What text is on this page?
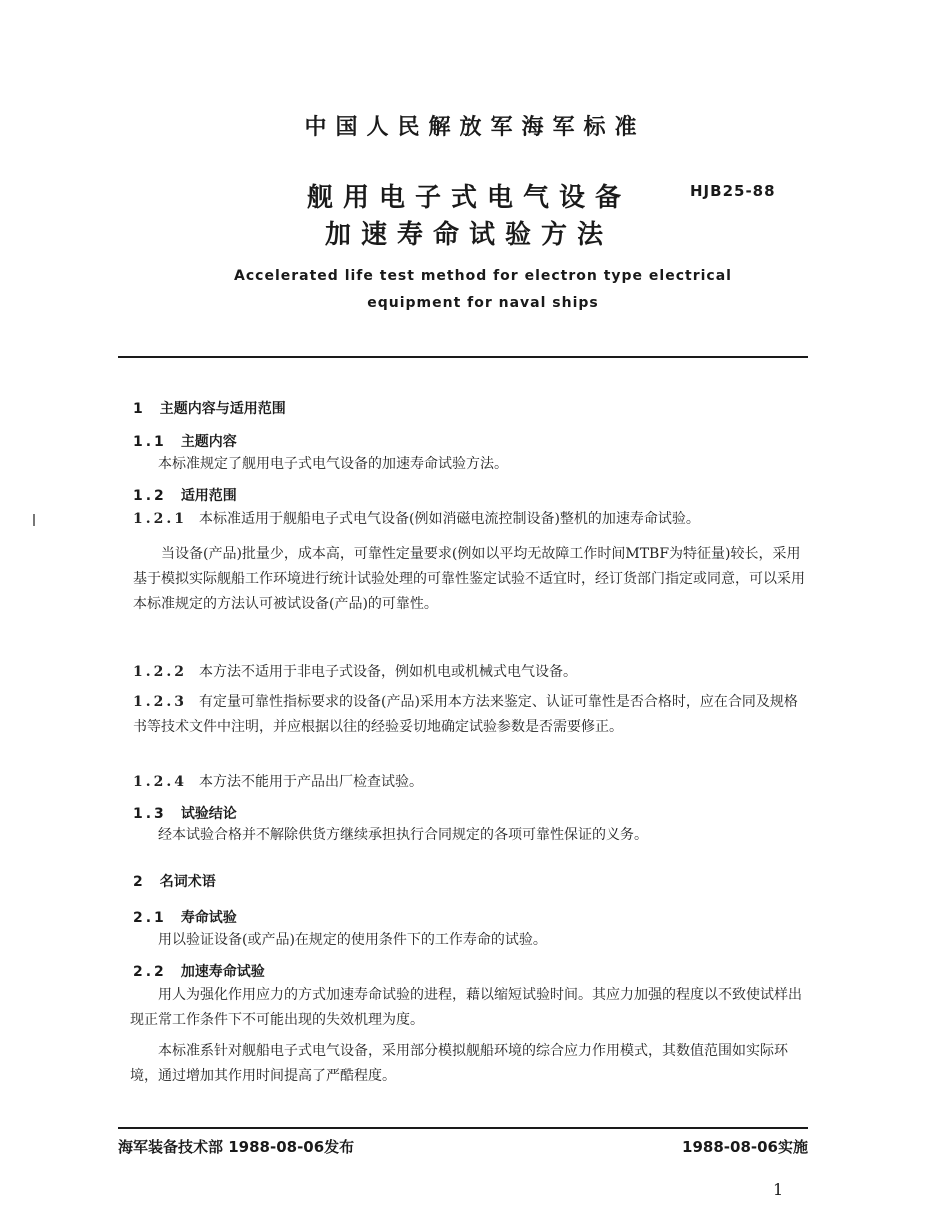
中国人民解放军海军标准
舰用电子式电气设备
加速寿命试验方法
HJB25-88
Accelerated life test method for electron type electrical
equipment for naval ships
1 主题内容与适用范围
1.1 主题内容
本标准规定了舰用电子式电气设备的加速寿命试验方法。
1.2 适用范围
1.2.1 本标准适用于舰船电子式电气设备(例如消磁电流控制设备)整机的加速寿命试验。
当设备(产品)批量少，成本高，可靠性定量要求(例如以平均无故障工作时间MTBF为特征量)较长，采用基于模拟实际舰船工作环境进行统计试验处理的可靠性鉴定试验不适宜时，经订货部门指定或同意，可以采用本标准规定的方法认可被试设备(产品)的可靠性。
1.2.2 本方法不适用于非电子式设备，例如机电或机械式电气设备。
1.2.3 有定量可靠性指标要求的设备(产品)采用本方法来鉴定、认证可靠性是否合格时，应在合同及规格书等技术文件中注明，并应根据以往的经验妥切地确定试验参数是否需要修正。
1.2.4 本方法不能用于产品出厂检查试验。
1.3 试验结论
经本试验合格并不解除供货方继续承担执行合同规定的各项可靠性保证的义务。
2 名词术语
2.1 寿命试验
用以验证设备(或产品)在规定的使用条件下的工作寿命的试验。
2.2 加速寿命试验
用人为强化作用应力的方式加速寿命试验的进程，藉以缩短试验时间。其应力加强的程度以不致使试样出现正常工作条件下不可能出现的失效机理为度。
本标准系针对舰船电子式电气设备，采用部分模拟舰船环境的综合应力作用模式，其数值范围如实际环境，通过增加其作用时间提高了严酷程度。
海军装备技术部 1988-08-06发布	1988-08-06实施
1
